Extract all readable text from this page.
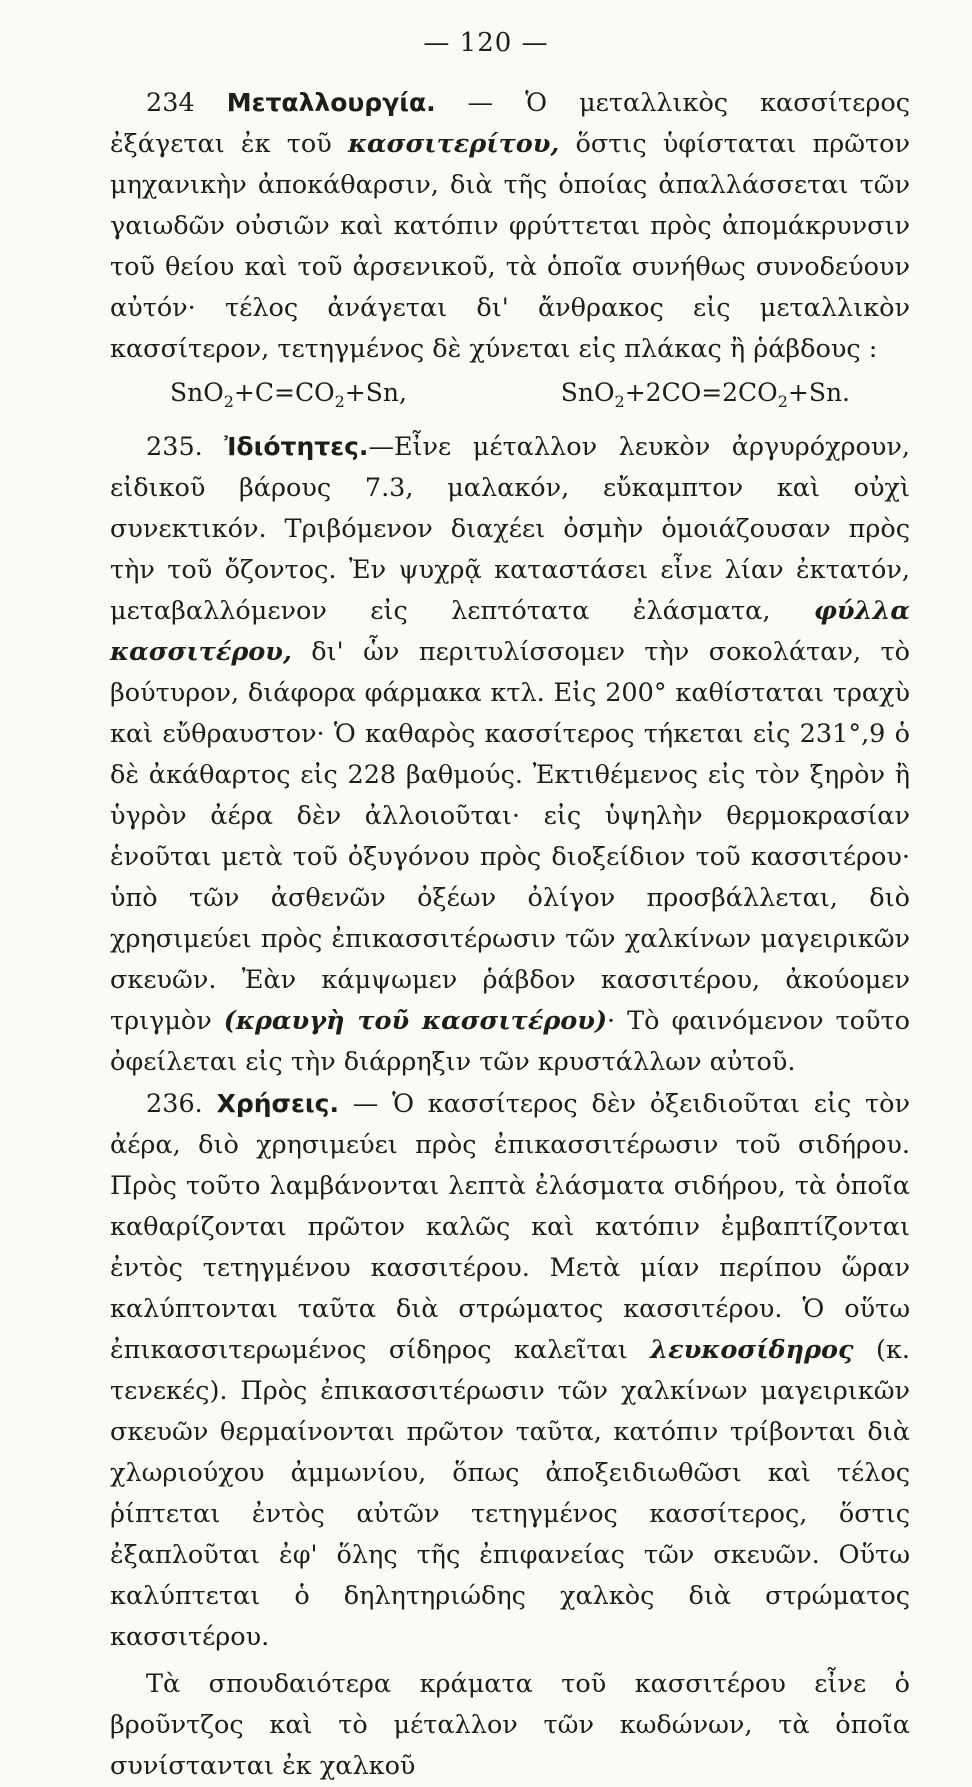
— 120 —

234 Μεταλλουργία. — Ὁ μεταλλικὸς κασσίτερος ἐξάγεται ἐκ τοῦ κασσιτερίτου, ὅστις ὑφίσταται πρῶτον μηχανικὴν ἀποκάθαρσιν, διὰ τῆς ὁποίας ἀπαλλάσσεται τῶν γαιωδῶν οὐσιῶν καὶ κατόπιν φρύττεται πρὸς ἀπομάκρυνσιν τοῦ θείου καὶ τοῦ ἀρσενικοῦ, τὰ ὁποῖα συνήθως συνοδεύουν αὐτόν· τέλος ἀνάγεται δι' ἄνθρακος εἰς μεταλλικὸν κασσίτερον, τετηγμένος δὲ χύνεται εἰς πλάκας ἢ ῥάβδους :

$SnO_2+C=CO_2+Sn$,	$SnO_2+2CO=2CO_2+Sn$.

235. Ἰδιότητες.—Εἶνε μέταλλον λευκὸν ἀργυρόχρουν, εἰδικοῦ βάρους 7.3, μαλακόν, εὔκαμπτον καὶ οὐχὶ συνεκτικόν. Τριβόμενον διαχέει ὀσμὴν ὁμοιάζουσαν πρὸς τὴν τοῦ ὄζοντος. Ἐν ψυχρᾷ καταστάσει εἶνε λίαν ἐκτατόν, μεταβαλλόμενον εἰς λεπτότατα ἐλάσματα, φύλλα κασσιτέρου, δι' ὧν περιτυλίσσομεν τὴν σοκολάταν, τὸ βούτυρον, διάφορα φάρμακα κτλ. Εἰς 200° καθίσταται τραχὺ καὶ εὔθραυστον· Ὁ καθαρὸς κασσίτερος τήκεται εἰς 231°,9 ὁ δὲ ἀκάθαρτος εἰς 228 βαθμούς. Ἐκτιθέμενος εἰς τὸν ξηρὸν ἢ ὑγρὸν ἀέρα δὲν ἀλλοιοῦται· εἰς ὑψηλὴν θερμοκρασίαν ἑνοῦται μετὰ τοῦ ὀξυγόνου πρὸς διοξείδιον τοῦ κασσιτέρου· ὑπὸ τῶν ἀσθενῶν ὀξέων ὀλίγον προσβάλλεται, διὸ χρησιμεύει πρὸς ἐπικασσιτέρωσιν τῶν χαλκίνων μαγειρικῶν σκευῶν. Ἐὰν κάμψωμεν ῥάβδον κασσιτέρου, ἀκούομεν τριγμὸν (κραυγὴ τοῦ κασσιτέρου)· Τὸ φαινόμενον τοῦτο ὀφείλεται εἰς τὴν διάρρηξιν τῶν κρυστάλλων αὐτοῦ.

236. Χρήσεις. — Ὁ κασσίτερος δὲν ὀξειδιοῦται εἰς τὸν ἀέρα, διὸ χρησιμεύει πρὸς ἐπικασσιτέρωσιν τοῦ σιδήρου. Πρὸς τοῦτο λαμβάνονται λεπτὰ ἐλάσματα σιδήρου, τὰ ὁποῖα καθαρίζονται πρῶτον καλῶς καὶ κατόπιν ἐμβαπτίζονται ἐντὸς τετηγμένου κασσιτέρου. Μετὰ μίαν περίπου ὥραν καλύπτονται ταῦτα διὰ στρώματος κασσιτέρου. Ὁ οὕτω ἐπικασσιτερωμένος σίδηρος καλεῖται λευκοσίδηρος (κ. τενεκές). Πρὸς ἐπικασσιτέρωσιν τῶν χαλκίνων μαγειρικῶν σκευῶν θερμαίνονται πρῶτον ταῦτα, κατόπιν τρίβονται διὰ χλωριούχου ἀμμωνίου, ὅπως ἀποξειδιωθῶσι καὶ τέλος ῥίπτεται ἐντὸς αὐτῶν τετηγμένος κασσίτερος, ὅστις ἐξαπλοῦται ἐφ' ὅλης τῆς ἐπιφανείας τῶν σκευῶν. Οὕτω καλύπτεται ὁ δηλητηριώδης χαλκὸς διὰ στρώματος κασσιτέρου.

Τὰ σπουδαιότερα κράματα τοῦ κασσιτέρου εἶνε ὁ βροῦντζος καὶ τὸ μέταλλον τῶν κωδώνων, τὰ ὁποῖα συνίστανται ἐκ χαλκοῦ
